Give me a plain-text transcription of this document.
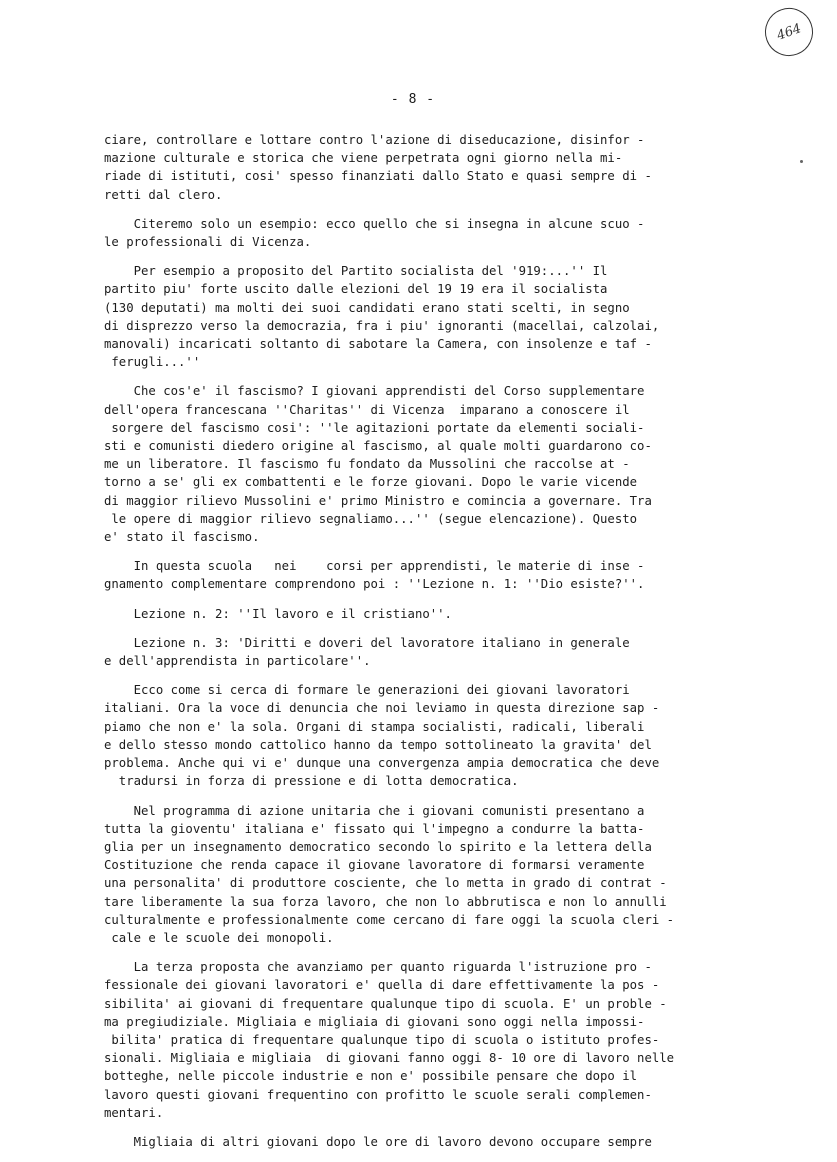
464
- 8 -
ciare, controllare e lottare contro l'azione di diseducazione, disinfor -
mazione culturale e storica che viene perpetrata ogni giorno nella mi-
riade di istituti, cosi' spesso finanziati dallo Stato e quasi sempre di -
retti dal clero.
Citeremo solo un esempio: ecco quello che si insegna in alcune scuo -
le professionali di Vicenza.
Per esempio a proposito del Partito socialista del '919:...'' Il
partito piu' forte uscito dalle elezioni del 19 19 era il socialista
(130 deputati) ma molti dei suoi candidati erano stati scelti, in segno
di disprezzo verso la democrazia, fra i piu' ignoranti (macellai, calzolai,
manovali) incaricati soltanto di sabotare la Camera, con insolenze e taf -
ferugli...''
Che cos'e' il fascismo? I giovani apprendisti del Corso supplementare
dell'opera francescana ''Charitas'' di Vicenza  imparano a conoscere il
sorgere del fascismo cosi': ''le agitazioni portate da elementi sociali-
sti e comunisti diedero origine al fascismo, al quale molti guardarono co-
me un liberatore. Il fascismo fu fondato da Mussolini che raccolse at -
torno a se' gli ex combattenti e le forze giovani. Dopo le varie vicende
di maggior rilievo Mussolini e' primo Ministro e comincia a governare. Tra
le opere di maggior rilievo segnaliamo...'' (segue elencazione). Questo
e' stato il fascismo.
In questa scuola   nei    corsi per apprendisti, le materie di inse -
gnamento complementare comprendono poi : ''Lezione n. 1: ''Dio esiste?''.
Lezione n. 2: ''Il lavoro e il cristiano''.
Lezione n. 3: 'Diritti e doveri del lavoratore italiano in generale
e dell'apprendista in particolare''.
Ecco come si cerca di formare le generazioni dei giovani lavoratori
italiani. Ora la voce di denuncia che noi leviamo in questa direzione sap -
piamo che non e' la sola. Organi di stampa socialisti, radicali, liberali
e dello stesso mondo cattolico hanno da tempo sottolineato la gravita' del
problema. Anche qui vi e' dunque una convergenza ampia democratica che deve
tradursi in forza di pressione e di lotta democratica.
Nel programma di azione unitaria che i giovani comunisti presentano a
tutta la gioventu' italiana e' fissato qui l'impegno a condurre la batta-
glia per un insegnamento democratico secondo lo spirito e la lettera della
Costituzione che renda capace il giovane lavoratore di formarsi veramente
una personalita' di produttore cosciente, che lo metta in grado di contrat -
tare liberamente la sua forza lavoro, che non lo abbrutisca e non lo annulli
culturalmente e professionalmente come cercano di fare oggi la scuola cleri -
cale e le scuole dei monopoli.
La terza proposta che avanziamo per quanto riguarda l'istruzione pro -
fessionale dei giovani lavoratori e' quella di dare effettivamente la pos -
sibilita' ai giovani di frequentare qualunque tipo di scuola. E' un proble -
ma pregiudiziale. Migliaia e migliaia di giovani sono oggi nella impossi-
bilita' pratica di frequentare qualunque tipo di scuola o istituto profes-
sionali. Migliaia e migliaia  di giovani fanno oggi 8- 10 ore di lavoro nelle
botteghe, nelle piccole industrie e non e' possibile pensare che dopo il
lavoro questi giovani frequentino con profitto le scuole serali complemen-
mentari.
Migliaia di altri giovani dopo le ore di lavoro devono occupare sempre
